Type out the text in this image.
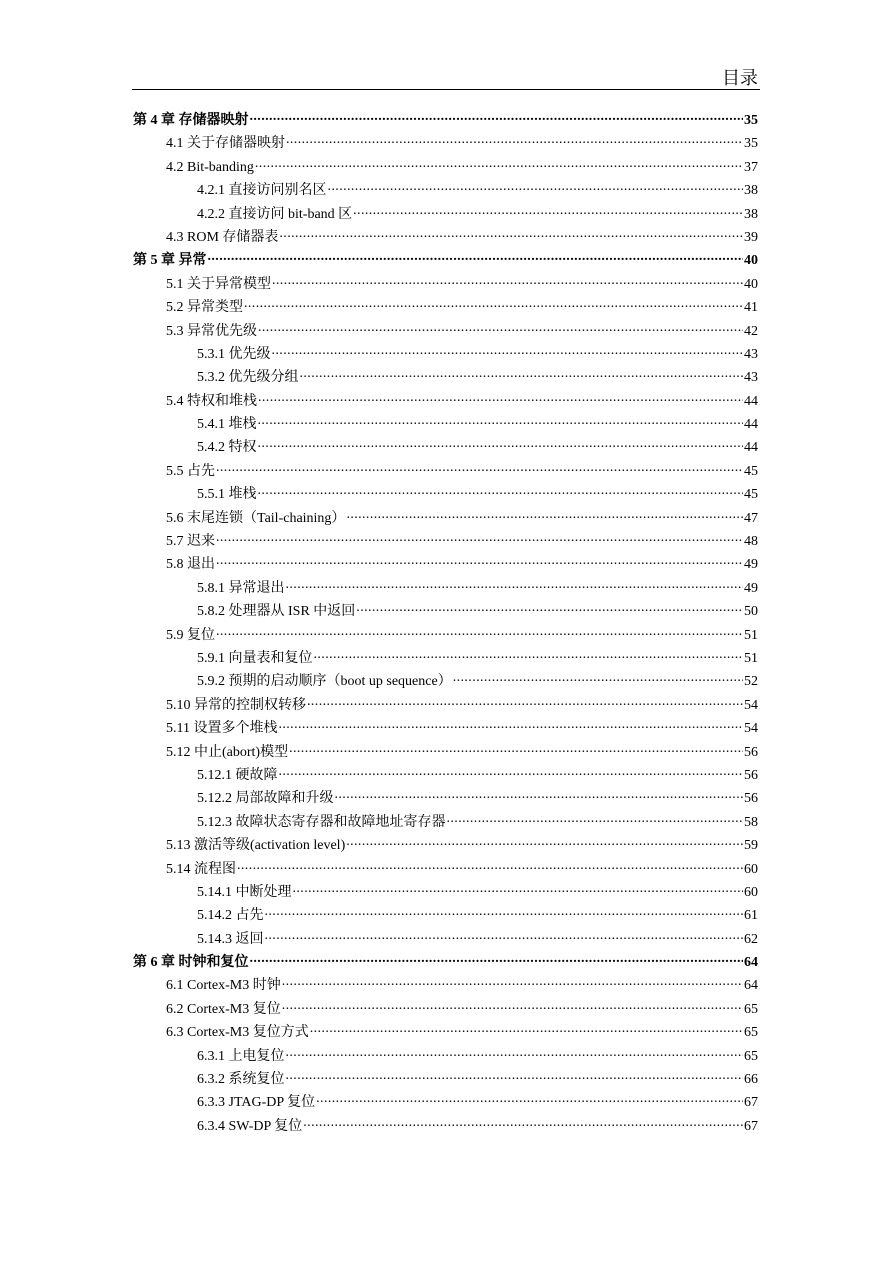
目录
第 4 章 存储器映射 .....	35
4.1 关于存储器映射 .....	35
4.2 Bit-banding .....	37
4.2.1 直接访问别名区 .....	38
4.2.2 直接访问 bit-band 区 .....	38
4.3 ROM 存储器表 .....	39
第 5 章 异常 .....	40
5.1 关于异常模型 .....	40
5.2 异常类型 .....	41
5.3 异常优先级 .....	42
5.3.1 优先级 .....	43
5.3.2 优先级分组 .....	43
5.4 特权和堆栈 .....	44
5.4.1 堆栈 .....	44
5.4.2 特权 .....	44
5.5 占先 .....	45
5.5.1 堆栈 .....	45
5.6 末尾连锁（Tail-chaining） .....	47
5.7 迟来 .....	48
5.8 退出 .....	49
5.8.1 异常退出 .....	49
5.8.2 处理器从 ISR 中返回 .....	50
5.9 复位 .....	51
5.9.1 向量表和复位 .....	51
5.9.2 预期的启动顺序（boot up sequence） .....	52
5.10 异常的控制权转移 .....	54
5.11 设置多个堆栈 .....	54
5.12 中止(abort)模型 .....	56
5.12.1 硬故障 .....	56
5.12.2 局部故障和升级 .....	56
5.12.3 故障状态寄存器和故障地址寄存器 .....	58
5.13 激活等级(activation level) .....	59
5.14 流程图 .....	60
5.14.1 中断处理 .....	60
5.14.2 占先 .....	61
5.14.3 返回 .....	62
第 6 章 时钟和复位 .....	64
6.1 Cortex-M3 时钟 .....	64
6.2 Cortex-M3 复位 .....	65
6.3 Cortex-M3 复位方式 .....	65
6.3.1 上电复位 .....	65
6.3.2 系统复位 .....	66
6.3.3 JTAG-DP 复位 .....	67
6.3.4 SW-DP 复位 .....	67
